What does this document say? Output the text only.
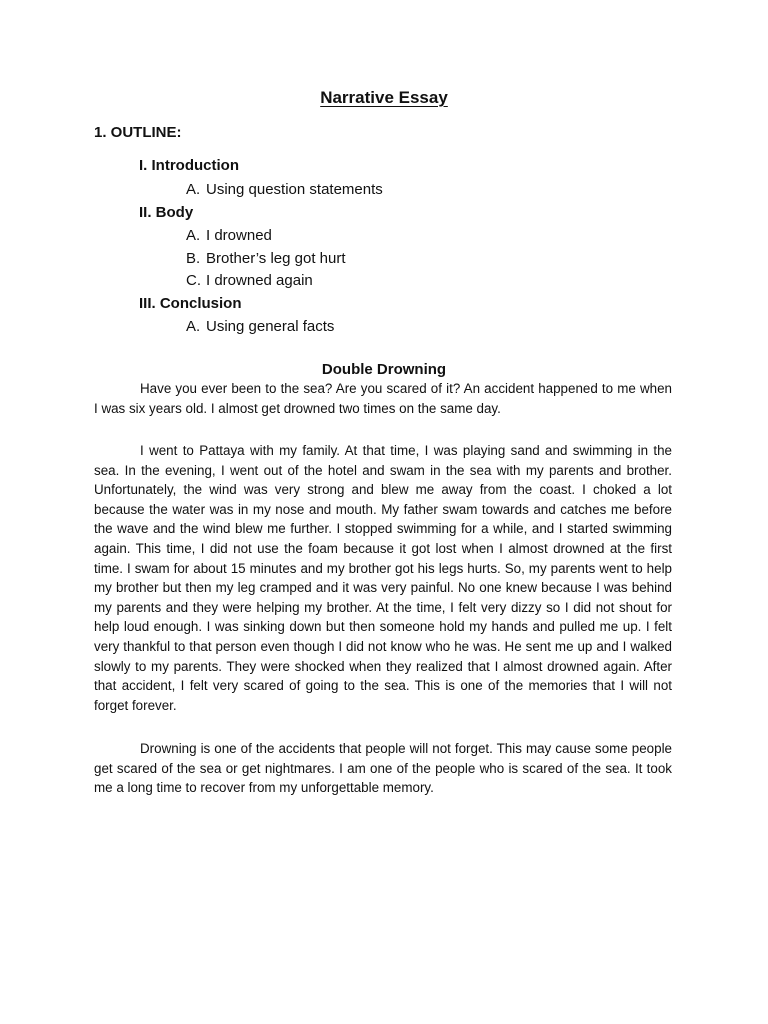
Narrative Essay
1. OUTLINE:
I. Introduction
A. Using question statements
II. Body
A. I drowned
B. Brother’s leg got hurt
C. I drowned again
III. Conclusion
A. Using general facts
Double Drowning

Have you ever been to the sea? Are you scared of it? An accident happened to me when I was six years old. I almost get drowned two times on the same day.

I went to Pattaya with my family. At that time, I was playing sand and swimming in the sea. In the evening, I went out of the hotel and swam in the sea with my parents and brother. Unfortunately, the wind was very strong and blew me away from the coast. I choked a lot because the water was in my nose and mouth. My father swam towards and catches me before the wave and the wind blew me further. I stopped swimming for a while, and I started swimming again. This time, I did not use the foam because it got lost when I almost drowned at the first time. I swam for about 15 minutes and my brother got his legs hurts. So, my parents went to help my brother but then my leg cramped and it was very painful. No one knew because I was behind my parents and they were helping my brother. At the time, I felt very dizzy so I did not shout for help loud enough. I was sinking down but then someone hold my hands and pulled me up. I felt very thankful to that person even though I did not know who he was. He sent me up and I walked slowly to my parents. They were shocked when they realized that I almost drowned again. After that accident, I felt very scared of going to the sea. This is one of the memories that I will not forget forever.

Drowning is one of the accidents that people will not forget. This may cause some people get scared of the sea or get nightmares. I am one of the people who is scared of the sea. It took me a long time to recover from my unforgettable memory.
